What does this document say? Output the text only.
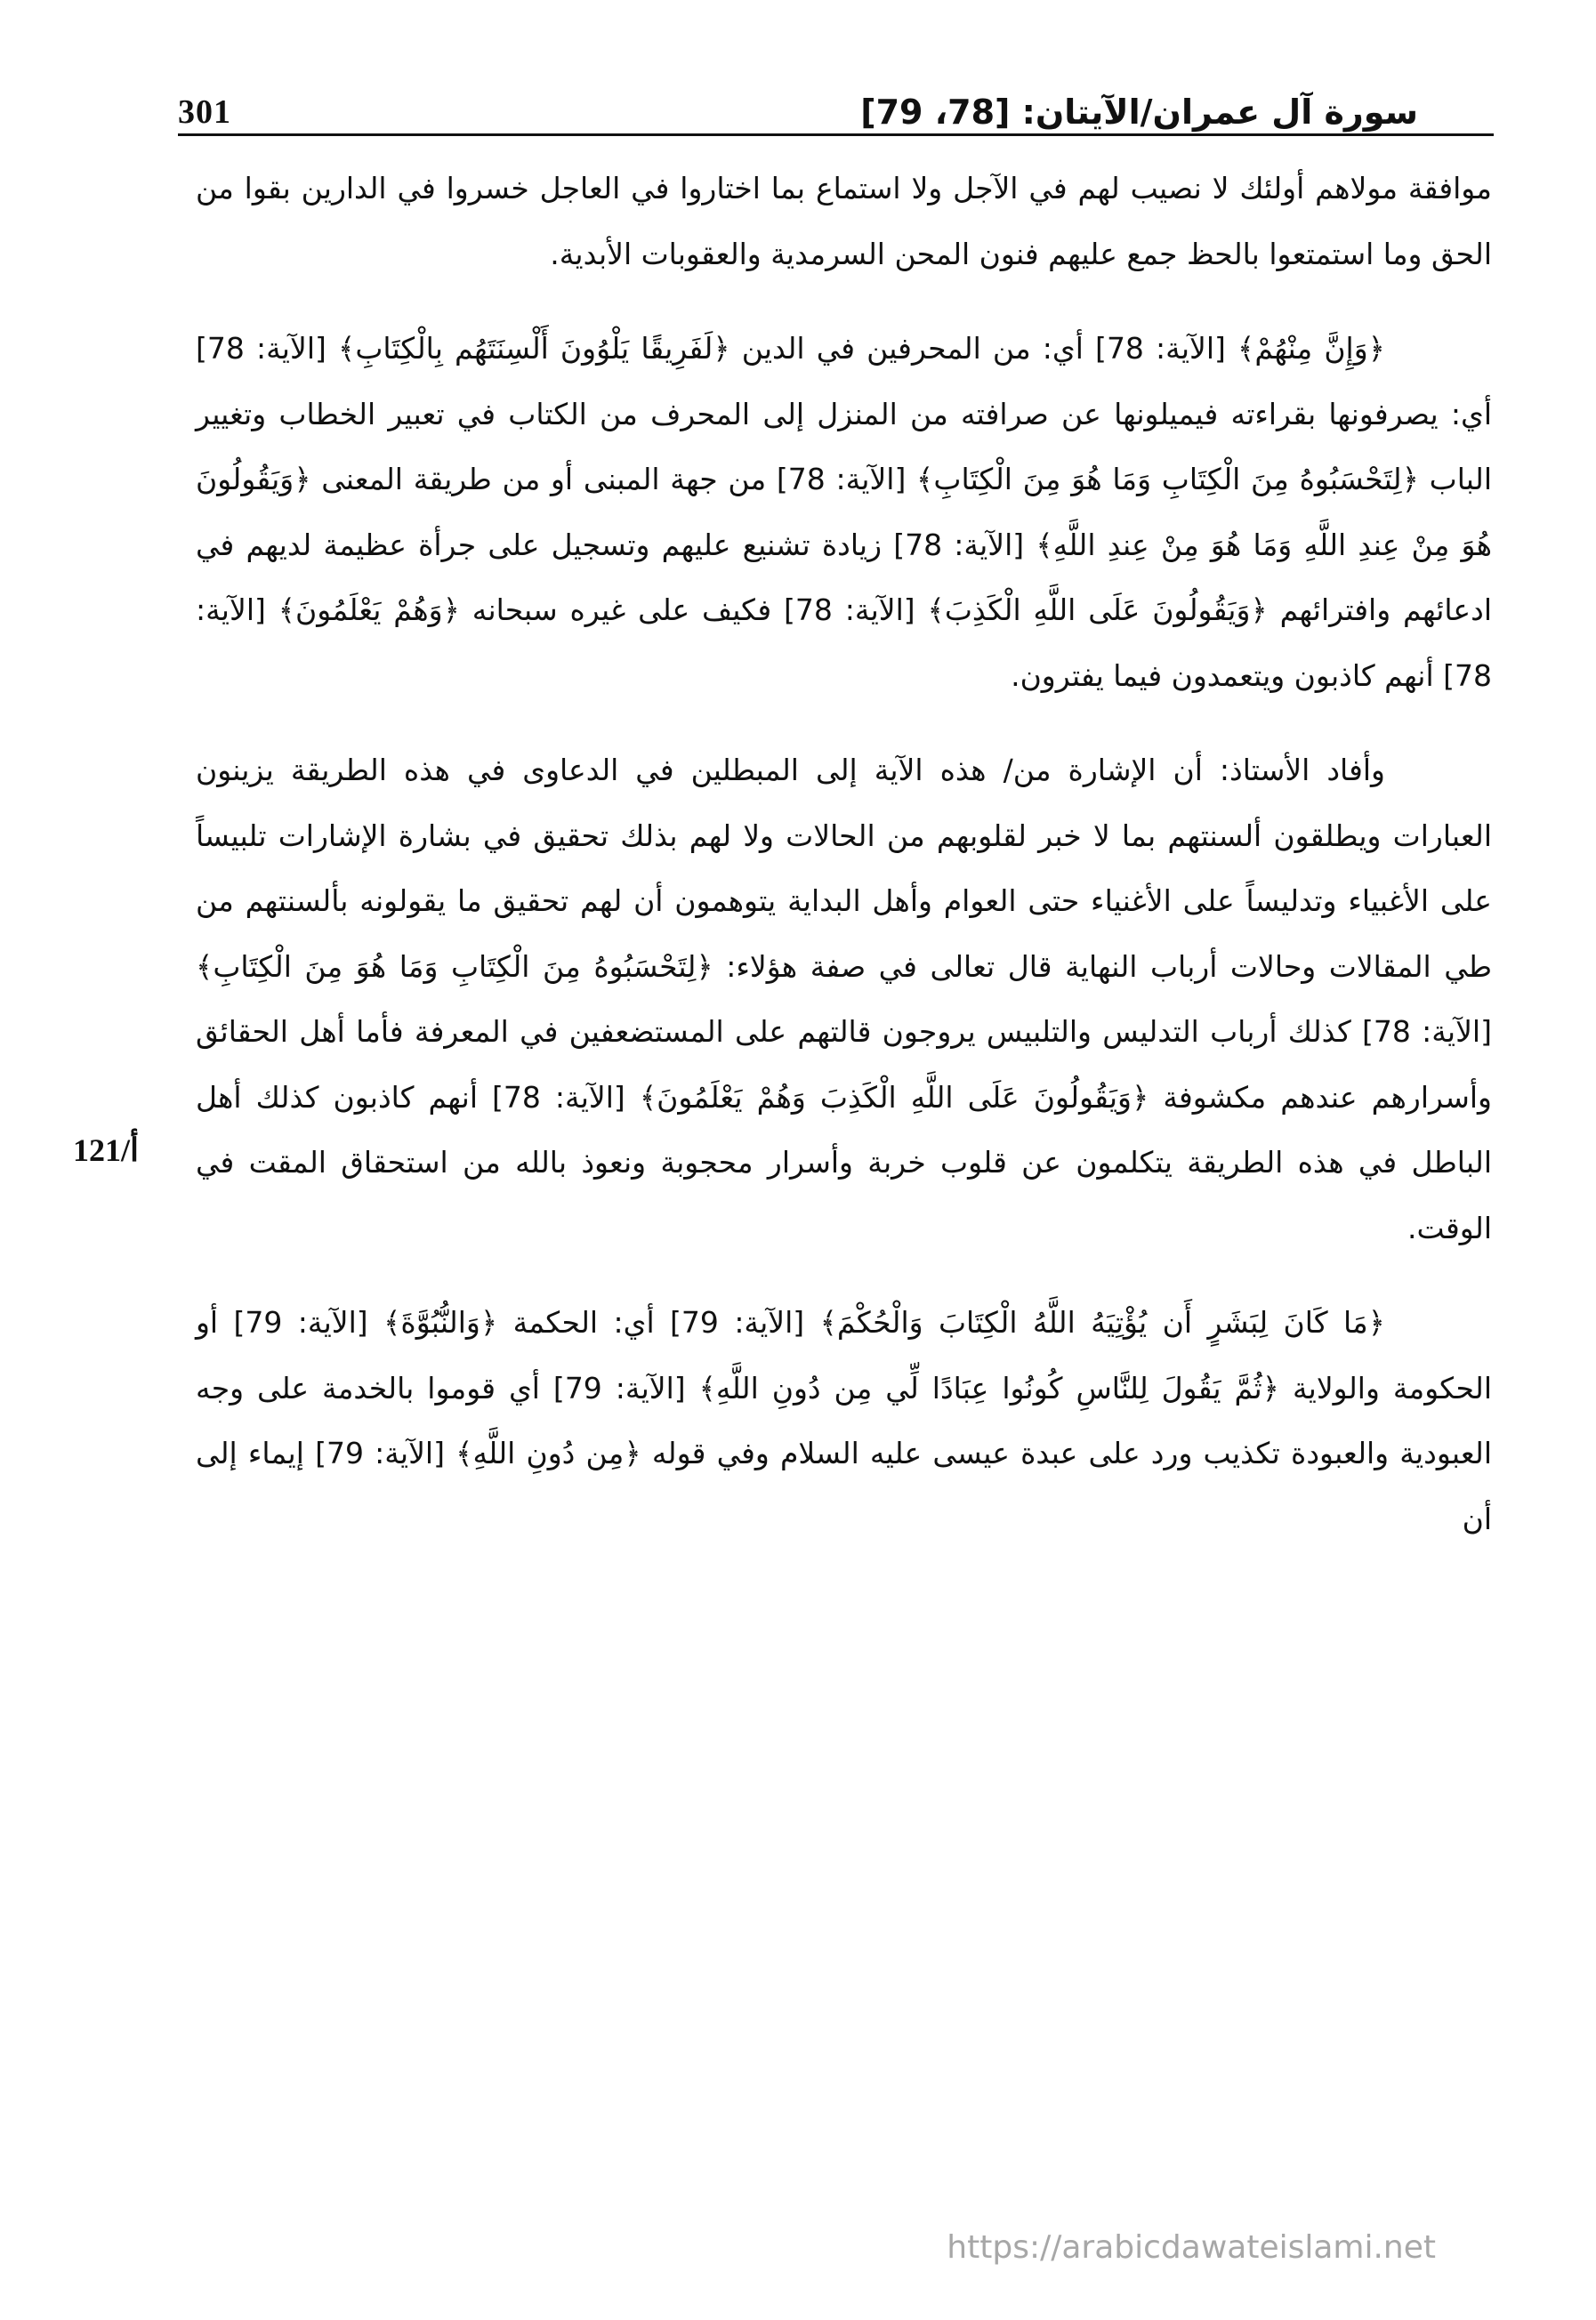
301	سورة آل عمران/الآيتان: [78، 79]
121/أ

موافقة مولاهم أولئك لا نصيب لهم في الآجل ولا استماع بما اختاروا في العاجل خسروا في الدارين بقوا من الحق وما استمتعوا بالحظ جمع عليهم فنون المحن السرمدية والعقوبات الأبدية.

﴿وَإِنَّ مِنْهُمْ﴾ [الآية: 78] أي: من المحرفين في الدين ﴿لَفَرِيقًا يَلْوُونَ أَلْسِنَتَهُم بِالْكِتَابِ﴾ [الآية: 78] أي: يصرفونها بقراءته فيميلونها عن صرافته من المنزل إلى المحرف من الكتاب في تعبير الخطاب وتغيير الباب ﴿لِتَحْسَبُوهُ مِنَ الْكِتَابِ وَمَا هُوَ مِنَ الْكِتَابِ﴾ [الآية: 78] من جهة المبنى أو من طريقة المعنى ﴿وَيَقُولُونَ هُوَ مِنْ عِندِ اللَّهِ وَمَا هُوَ مِنْ عِندِ اللَّهِ﴾ [الآية: 78] زيادة تشنيع عليهم وتسجيل على جرأة عظيمة لديهم في ادعائهم وافترائهم ﴿وَيَقُولُونَ عَلَى اللَّهِ الْكَذِبَ﴾ [الآية: 78] فكيف على غيره سبحانه ﴿وَهُمْ يَعْلَمُونَ﴾ [الآية: 78] أنهم كاذبون ويتعمدون فيما يفترون.

وأفاد الأستاذ: أن الإشارة من/ هذه الآية إلى المبطلين في الدعاوى في هذه الطريقة يزينون العبارات ويطلقون ألسنتهم بما لا خبر لقلوبهم من الحالات ولا لهم بذلك تحقيق في بشارة الإشارات تلبيساً على الأغبياء وتدليساً على الأغنياء حتى العوام وأهل البداية يتوهمون أن لهم تحقيق ما يقولونه بألسنتهم من طي المقالات وحالات أرباب النهاية قال تعالى في صفة هؤلاء: ﴿لِتَحْسَبُوهُ مِنَ الْكِتَابِ وَمَا هُوَ مِنَ الْكِتَابِ﴾ [الآية: 78] كذلك أرباب التدليس والتلبيس يروجون قالتهم على المستضعفين في المعرفة فأما أهل الحقائق وأسرارهم عندهم مكشوفة ﴿وَيَقُولُونَ عَلَى اللَّهِ الْكَذِبَ وَهُمْ يَعْلَمُونَ﴾ [الآية: 78] أنهم كاذبون كذلك أهل الباطل في هذه الطريقة يتكلمون عن قلوب خربة وأسرار محجوبة ونعوذ بالله من استحقاق المقت في الوقت.

﴿مَا كَانَ لِبَشَرٍ أَن يُؤْتِيَهُ اللَّهُ الْكِتَابَ وَالْحُكْمَ﴾ [الآية: 79] أي: الحكمة ﴿وَالنُّبُوَّةَ﴾ [الآية: 79] أو الحكومة والولاية ﴿ثُمَّ يَقُولَ لِلنَّاسِ كُونُوا عِبَادًا لِّي مِن دُونِ اللَّهِ﴾ [الآية: 79] أي قوموا بالخدمة على وجه العبودية والعبودة تكذيب ورد على عبدة عيسى عليه السلام وفي قوله ﴿مِن دُونِ اللَّهِ﴾ [الآية: 79] إيماء إلى أن

https://arabicdawateislami.net
